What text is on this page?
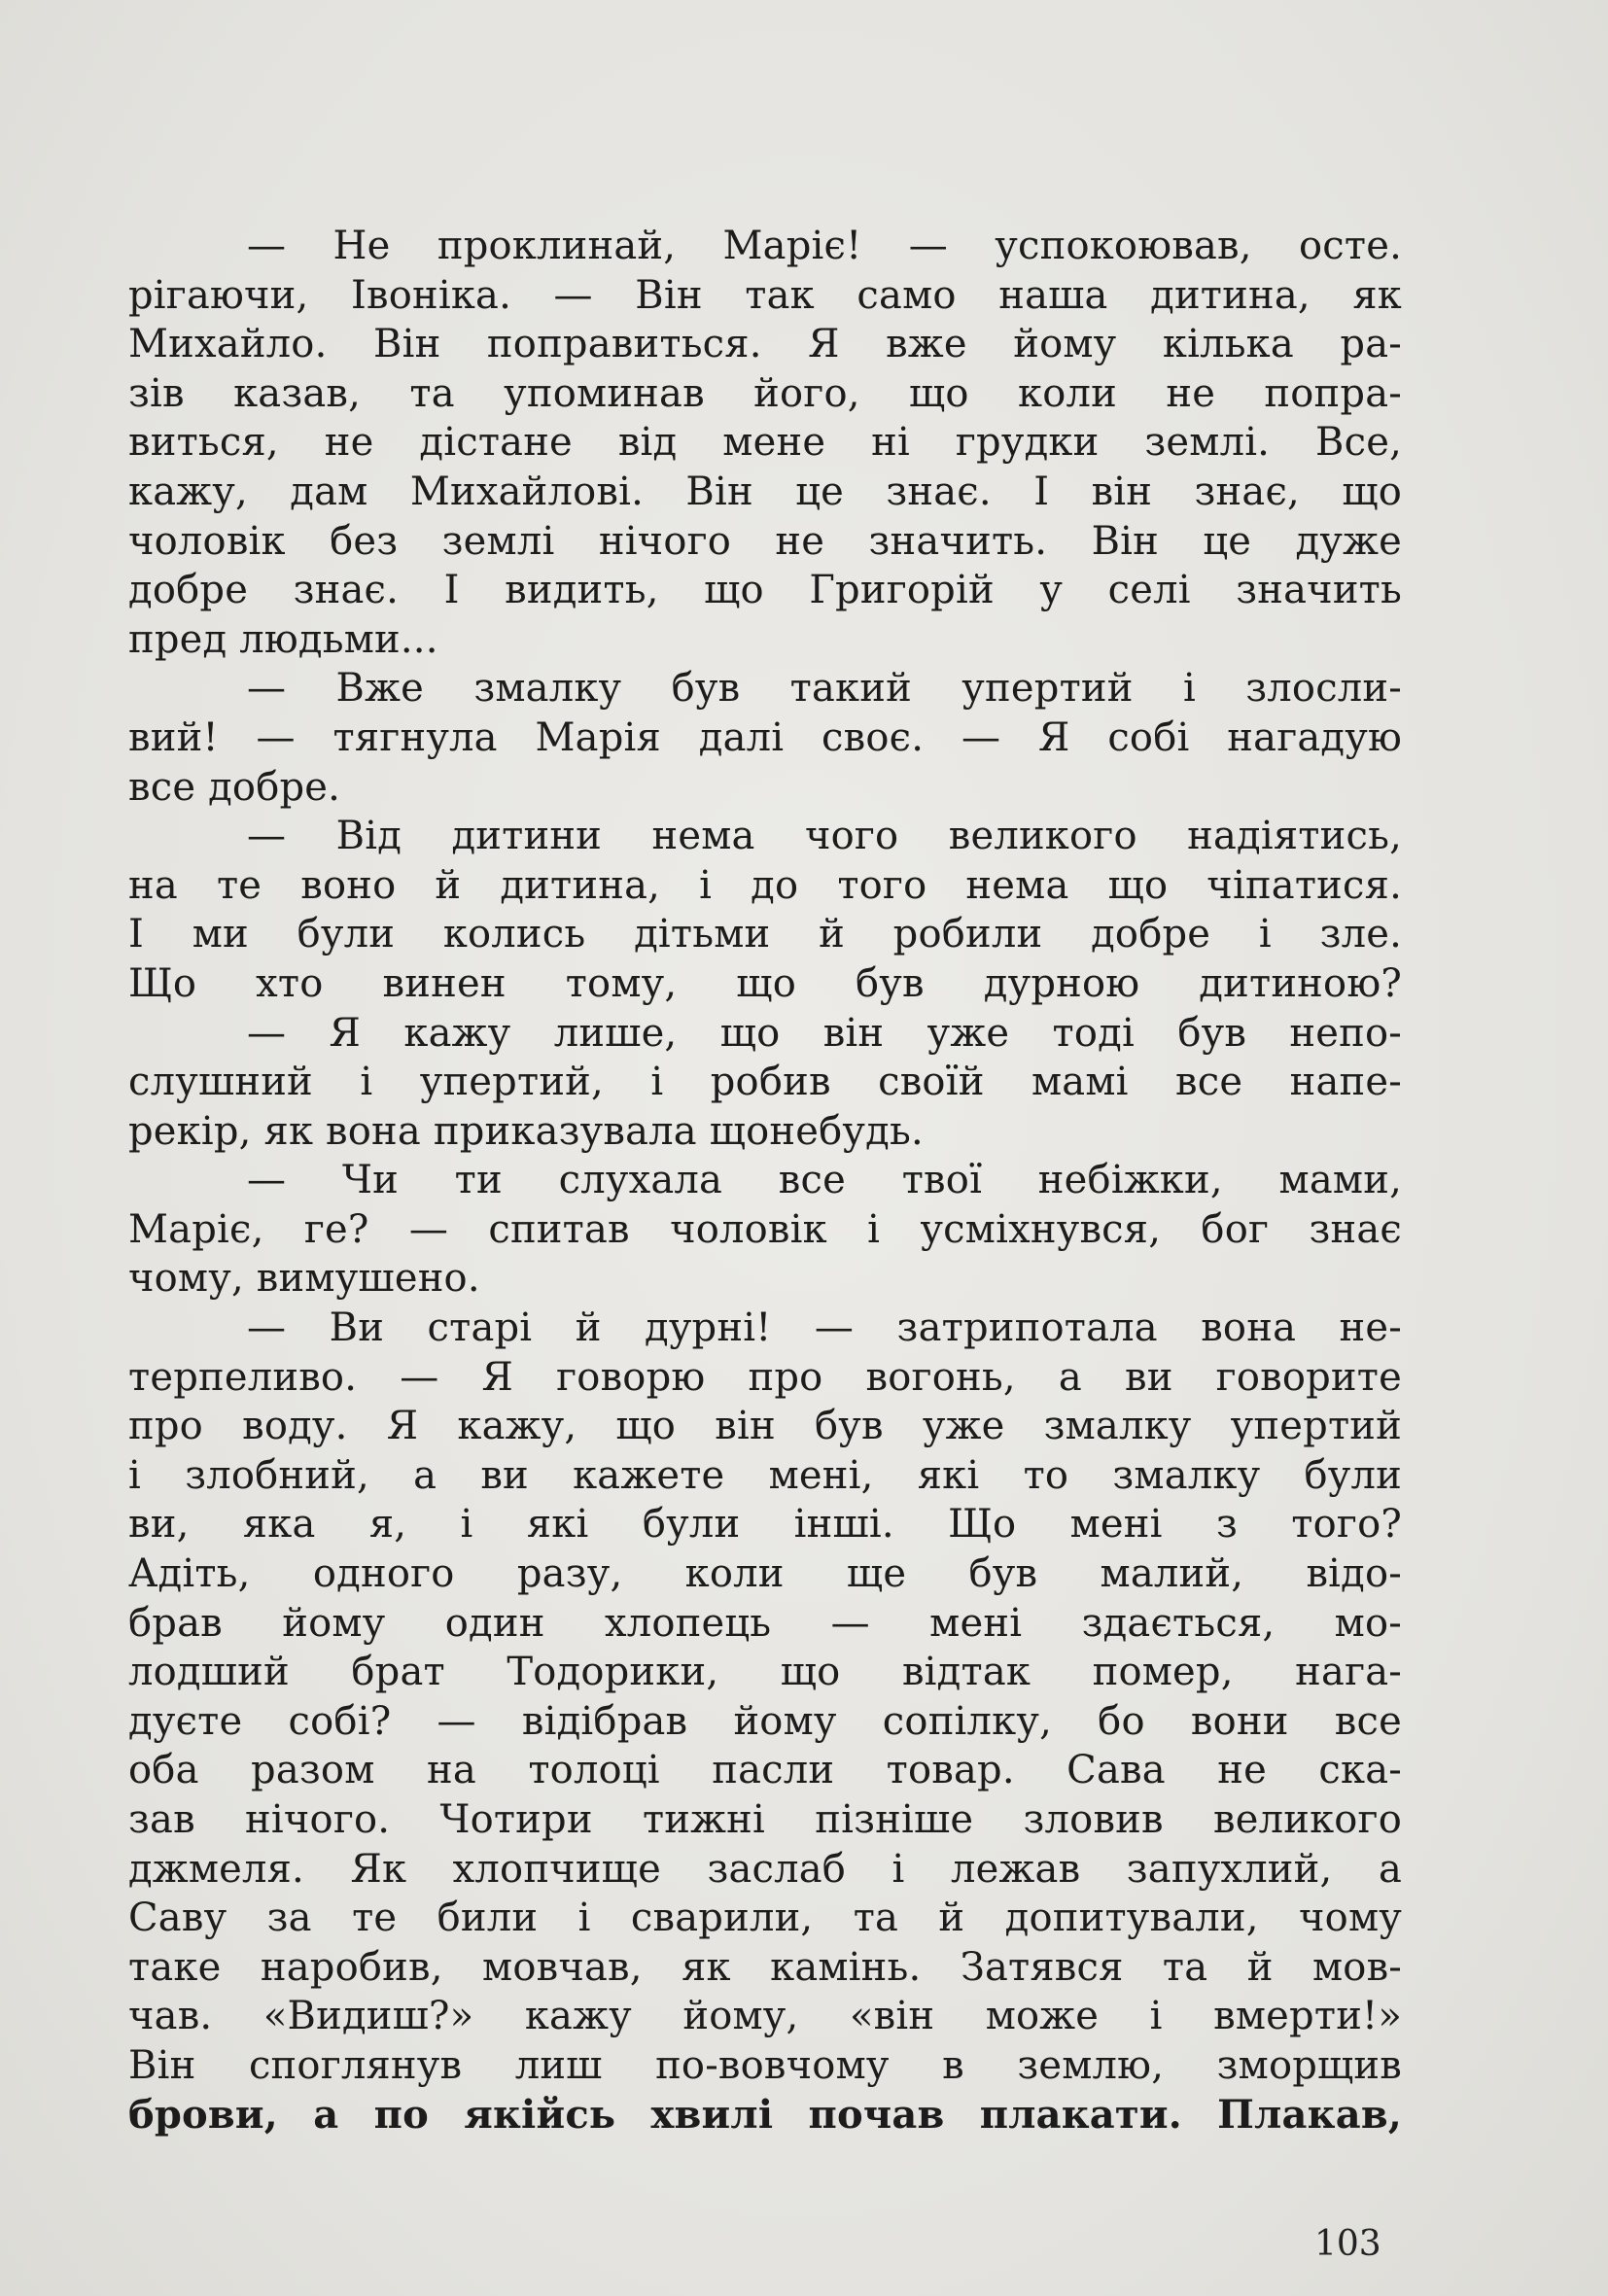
— Не проклинай, Маріє! — успокоював, осте.
рігаючи, Івоніка. — Він так само наша дитина, як
Михайло. Він поправиться. Я вже йому кілька ра-
зів казав, та упоминав його, що коли не попра-
виться, не дістане від мене ні грудки землі. Все,
кажу, дам Михайлові. Він це знає. І він знає, що
чоловік без землі нічого не значить. Він це дуже
добре знає. І видить, що Григорій у селі значить
пред людьми...
— Вже змалку був такий упертий і злосли-
вий! — тягнула Марія далі своє. — Я собі нагадую
все добре.
— Від дитини нема чого великого надіятись,
на те воно й дитина, і до того нема що чіпатися.
І ми були колись дітьми й робили добре і зле.
Що хто винен тому, що був дурною дитиною?
— Я кажу лише, що він уже тоді був непо-
слушний і упертий, і робив своїй мамі все напе-
рекір, як вона приказувала щонебудь.
— Чи ти слухала все твої небіжки, мами,
Маріє, ге? — спитав чоловік і усміхнувся, бог знає
чому, вимушено.
— Ви старі й дурні! — затрипотала вона не-
терпеливо. — Я говорю про вогонь, а ви говорите
про воду. Я кажу, що він був уже змалку упертий
і злобний, а ви кажете мені, які то змалку були
ви, яка я, і які були інші. Що мені з того?
Адіть, одного разу, коли ще був малий, відо-
брав йому один хлопець — мені здається, мо-
лодший брат Тодорики, що відтак помер, нага-
дуєте собі? — відібрав йому сопілку, бо вони все
оба разом на толоці пасли товар. Сава не ска-
зав нічого. Чотири тижні пізніше зловив великого
джмеля. Як хлопчище заслаб і лежав запухлий, а
Саву за те били і сварили, та й допитували, чому
таке наробив, мовчав, як камінь. Затявся та й мов-
чав. «Видиш?» кажу йому, «він може і вмерти!»
Він споглянув лиш по-вовчому в землю, зморщив
брови, а по якійсь хвилі почав плакати. Плакав,
103
